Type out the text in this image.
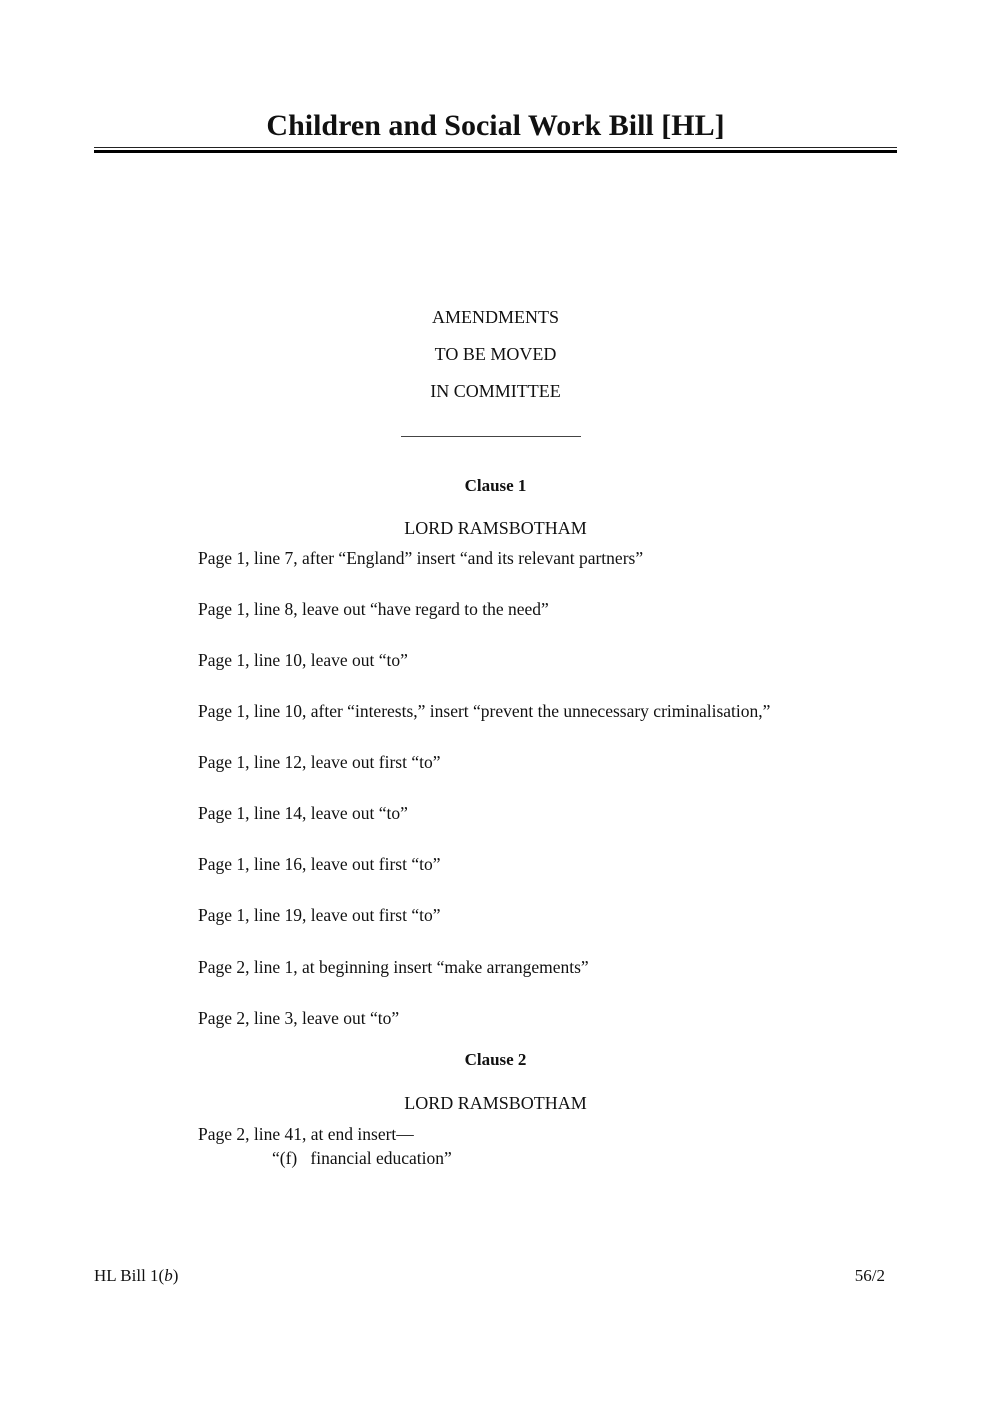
Children and Social Work Bill [HL]
AMENDMENTS
TO BE MOVED
IN COMMITTEE
Clause 1
LORD RAMSBOTHAM
Page 1, line 7, after “England” insert “and its relevant partners”
Page 1, line 8, leave out “have regard to the need”
Page 1, line 10, leave out “to”
Page 1, line 10, after “interests,” insert “prevent the unnecessary criminalisation,”
Page 1, line 12, leave out first “to”
Page 1, line 14, leave out “to”
Page 1, line 16, leave out first “to”
Page 1, line 19, leave out first “to”
Page 2, line 1, at beginning insert “make arrangements”
Page 2, line 3, leave out “to”
Clause 2
LORD RAMSBOTHAM
Page 2, line 41, at end insert—
“(f)   financial education”
HL Bill 1(b)	56/2
